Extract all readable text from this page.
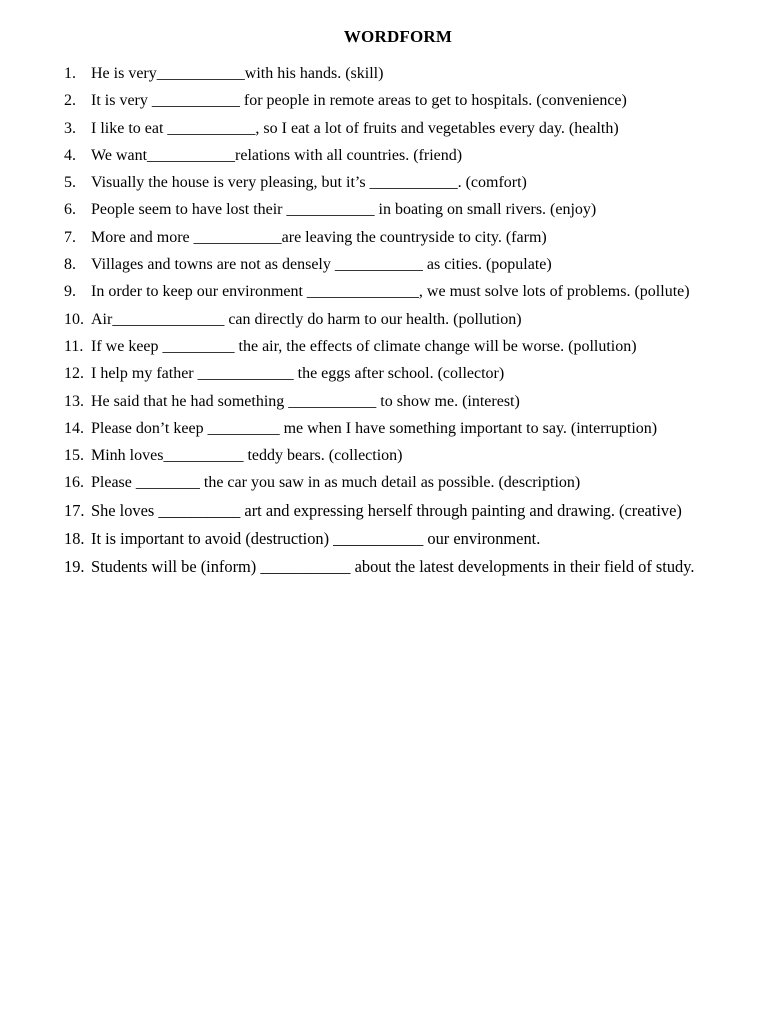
WORDFORM
1. He is very___________with his hands. (skill)
2. It is very ___________ for people in remote areas to get to hospitals. (convenience)
3. I like to eat ___________, so I eat a lot of fruits and vegetables every day. (health)
4. We want___________relations with all countries. (friend)
5. Visually the house is very pleasing, but it’s ___________. (comfort)
6. People seem to have lost their ___________ in boating on small rivers. (enjoy)
7. More and more ___________are leaving the countryside to city. (farm)
8. Villages and towns are not as densely ___________ as cities. (populate)
9. In order to keep our environment ______________, we must solve lots of problems. (pollute)
10. Air______________ can directly do harm to our health. (pollution)
11. If we keep _________ the air, the effects of climate change will be worse. (pollution)
12. I help my father ____________ the eggs after school. (collector)
13. He said that he had something ___________ to show me. (interest)
14. Please don’t keep _________ me when I have something important to say. (interruption)
15. Minh loves__________ teddy bears. (collection)
16. Please ________ the car you saw in as much detail as possible. (description)
17. She loves __________ art and expressing herself through painting and drawing. (creative)
18. It is important to avoid (destruction) ___________ our environment.
19. Students will be (inform) ___________ about the latest developments in their field of study.
